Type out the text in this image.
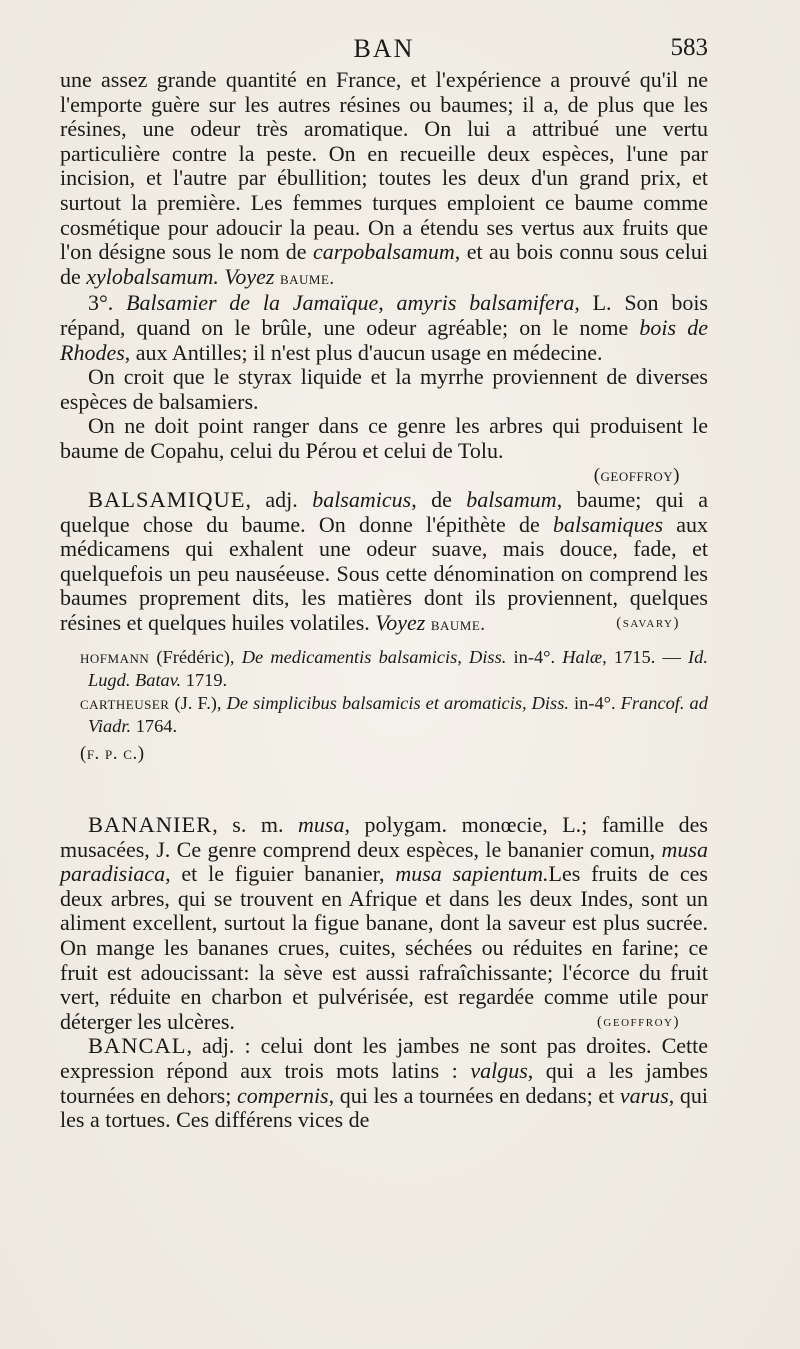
BAN	583

une assez grande quantité en France, et l'expérience a prouvé qu'il ne l'emporte guère sur les autres résines ou baumes; il a, de plus que les résines, une odeur très aromatique. On lui a attribué une vertu particulière contre la peste. On en recueille deux espèces, l'une par incision, et l'autre par ébullition; toutes les deux d'un grand prix, et surtout la première. Les femmes turques emploient ce baume comme cosmétique pour adoucir la peau. On a étendu ses vertus aux fruits que l'on désigne sous le nom de carpobalsamum, et au bois connu sous celui de xylobalsamum. Voyez baume.

3°. Balsamier de la Jamaïque, amyris balsamifera, L. Son bois répand, quand on le brûle, une odeur agréable; on le nome bois de Rhodes, aux Antilles; il n'est plus d'aucun usage en médecine.

On croit que le styrax liquide et la myrrhe proviennent de diverses espèces de balsamiers.

On ne doit point ranger dans ce genre les arbres qui produisent le baume de Copahu, celui du Pérou et celui de Tolu.

(geoffroy)

BALSAMIQUE, adj. balsamicus, de balsamum, baume; qui a quelque chose du baume. On donne l'épithète de balsamiques aux médicamens qui exhalent une odeur suave, mais douce, fade, et quelquefois un peu nauséeuse. Sous cette dénomination on comprend les baumes proprement dits, les matières dont ils proviennent, quelques résines et quelques huiles volatiles. Voyez baume.	(savary)

hofmann (Frédéric), De medicamentis balsamicis, Diss. in-4°. Halæ, 1715. — Id. Lugd. Batav. 1719.

cartheuser (J. F.), De simplicibus balsamicis et aromaticis, Diss. in-4°. Francof. ad Viadr. 1764.

(f. p. c.)

BANANIER, s. m. musa, polygam. monœcie, L.; famille des musacées, J. Ce genre comprend deux espèces, le bananier comun, musa paradisiaca, et le figuier bananier, musa sapientum.Les fruits de ces deux arbres, qui se trouvent en Afrique et dans les deux Indes, sont un aliment excellent, surtout la figue banane, dont la saveur est plus sucrée. On mange les bananes crues, cuites, séchées ou réduites en farine; ce fruit est adoucissant: la sève est aussi rafraîchissante; l'écorce du fruit vert, réduite en charbon et pulvérisée, est regardée comme utile pour déterger les ulcères.	(geoffroy)

BANCAL, adj. : celui dont les jambes ne sont pas droites. Cette expression répond aux trois mots latins : valgus, qui a les jambes tournées en dehors; compernis, qui les a tournées en dedans; et varus, qui les a tortues. Ces différens vices de
